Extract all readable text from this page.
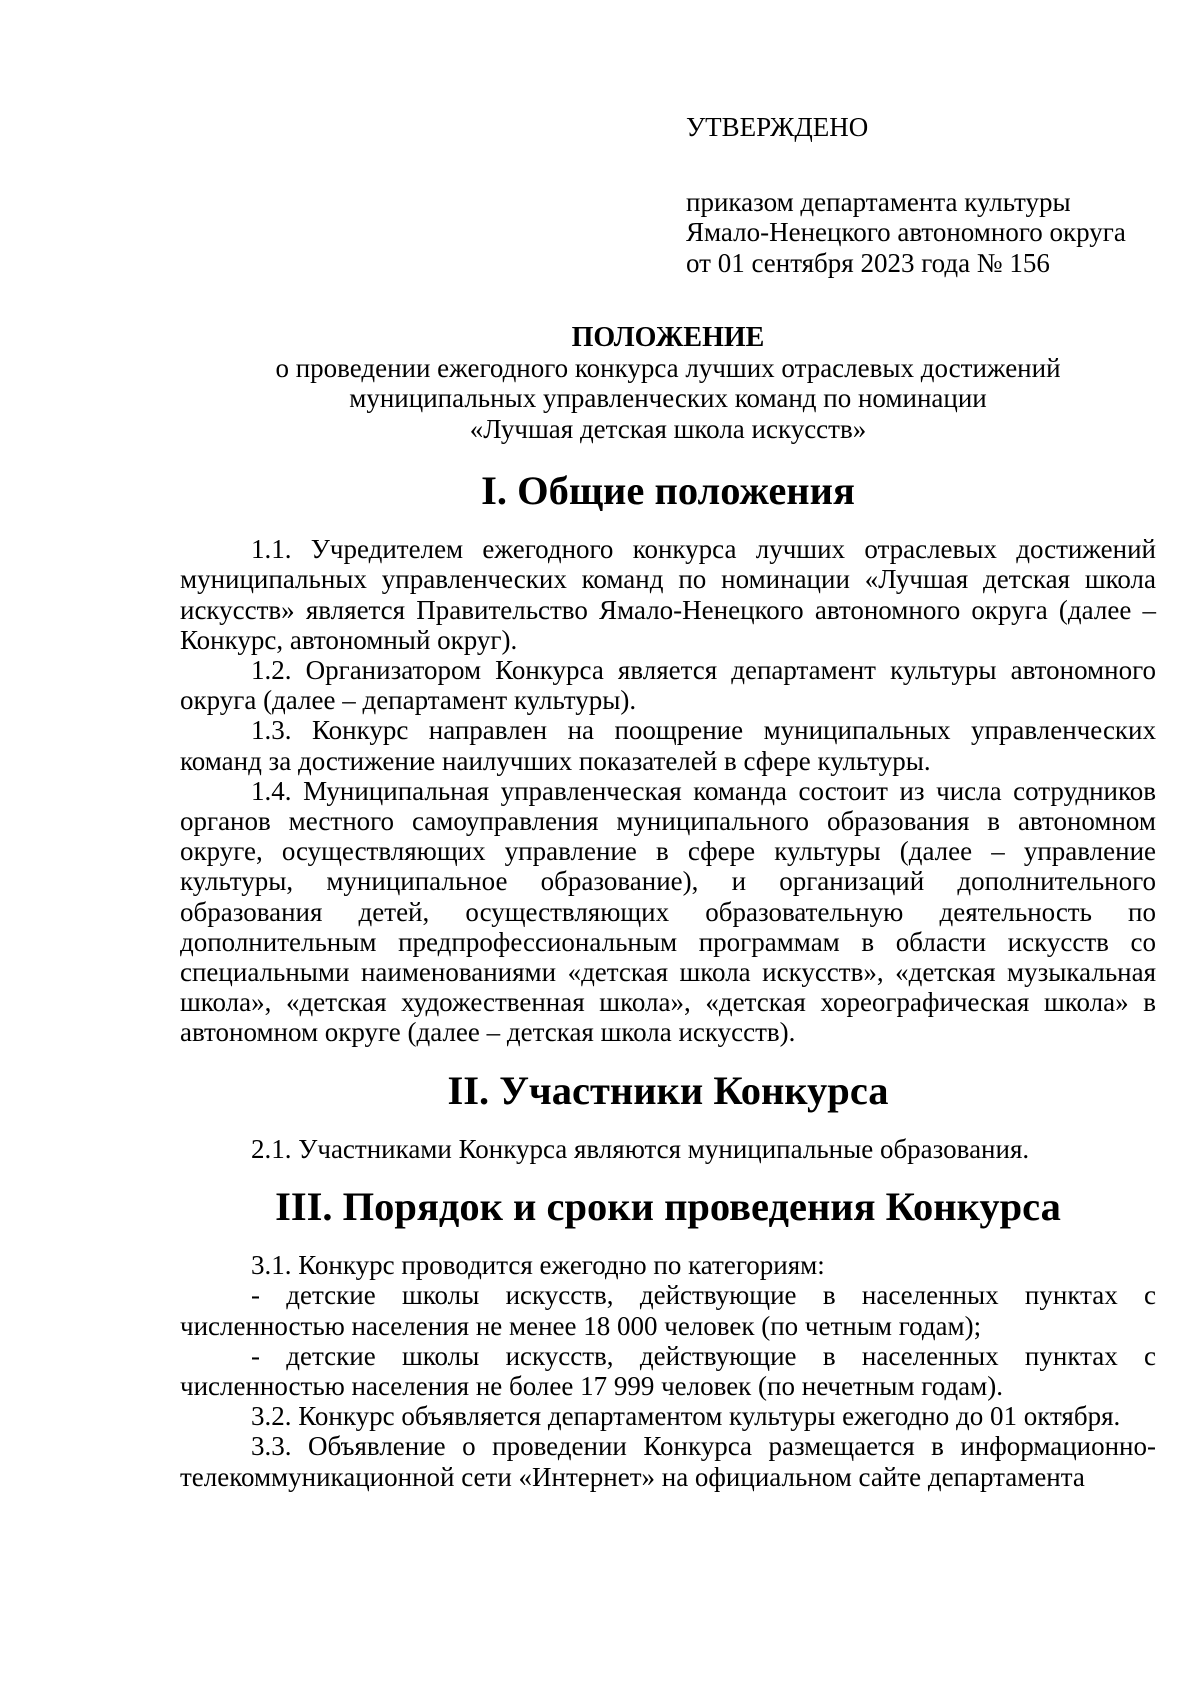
УТВЕРЖДЕНО
приказом департамента культуры
Ямало-Ненецкого автономного округа
от 01 сентября 2023 года № 156
ПОЛОЖЕНИЕ
о проведении ежегодного конкурса лучших отраслевых достижений
муниципальных управленческих команд по номинации
«Лучшая детская школа искусств»
I. Общие положения

1.1. Учредителем ежегодного конкурса лучших отраслевых достижений муниципальных управленческих команд по номинации «Лучшая детская школа искусств» является Правительство Ямало-Ненецкого автономного округа (далее – Конкурс, автономный округ).

1.2. Организатором Конкурса является департамент культуры автономного округа (далее – департамент культуры).

1.3. Конкурс направлен на поощрение муниципальных управленческих команд за достижение наилучших показателей в сфере культуры.

1.4. Муниципальная управленческая команда состоит из числа сотрудников органов местного самоуправления муниципального образования в автономном округе, осуществляющих управление в сфере культуры (далее – управление культуры, муниципальное образование), и организаций дополнительного образования детей, осуществляющих образовательную деятельность по дополнительным предпрофессиональным программам в области искусств со специальными наименованиями «детская школа искусств», «детская музыкальная школа», «детская художественная школа», «детская хореографическая школа» в автономном округе (далее – детская школа искусств).

II. Участники Конкурса

2.1. Участниками Конкурса являются муниципальные образования.

III. Порядок и сроки проведения Конкурса

3.1. Конкурс проводится ежегодно по категориям:

- детские школы искусств, действующие в населенных пунктах с численностью населения не менее 18 000 человек (по четным годам);

- детские школы искусств, действующие в населенных пунктах с численностью населения не более 17 999 человек (по нечетным годам).

3.2. Конкурс объявляется департаментом культуры ежегодно до 01 октября.

3.3. Объявление о проведении Конкурса размещается в информационно-телекоммуникационной сети «Интернет» на официальном сайте департамента
